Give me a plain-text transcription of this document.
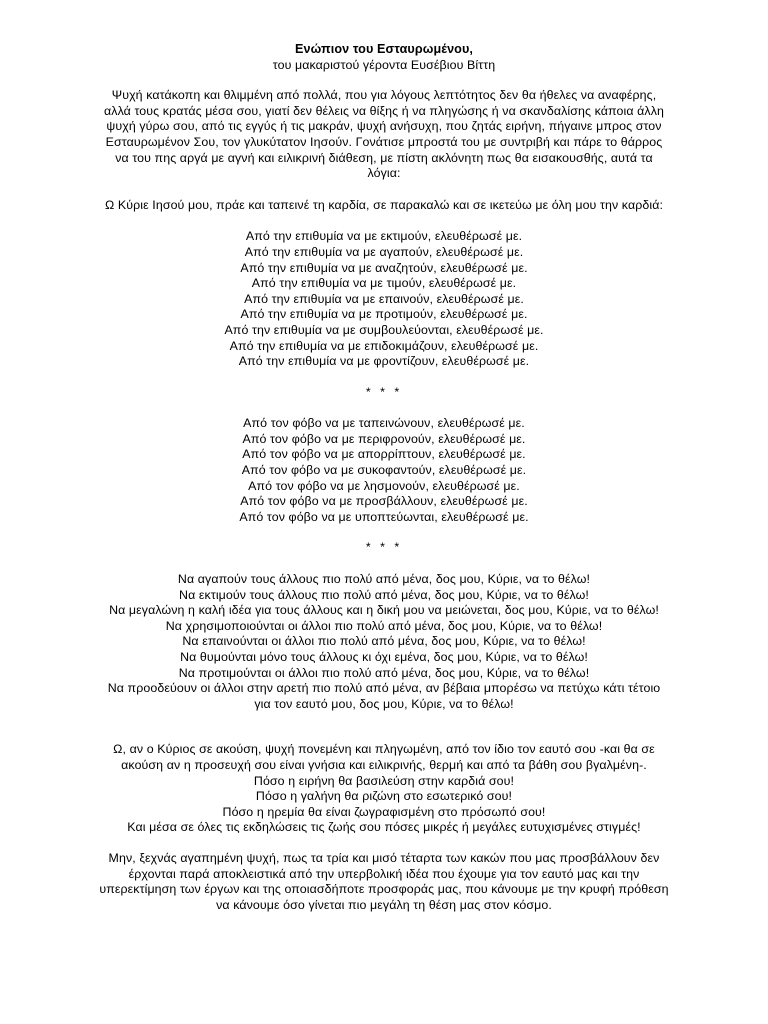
Ενώπιον του Εσταυρωμένου,
του μακαριστού γέροντα Ευσέβιου Βίττη
Ψυχή κατάκοπη και θλιμμένη από πολλά, που για λόγους λεπτότητος δεν θα ήθελες να αναφέρης,
αλλά τους κρατάς μέσα σου, γιατί δεν θέλεις να θίξης ή να πληγώσης ή να σκανδαλίσης κάποια άλλη
ψυχή γύρω σου, από τις εγγύς ή τις μακράν, ψυχή ανήσυχη, που ζητάς ειρήνη, πήγαινε μπρος στον
Εσταυρωμένον Σου, τον γλυκύτατον Ιησούν. Γονάτισε μπροστά του με συντριβή και πάρε το θάρρος
να του πης αργά με αγνή και ειλικρινή διάθεση, με πίστη ακλόνητη πως θα εισακουσθής, αυτά τα
λόγια:
Ω Κύριε Ιησού μου, πράε και ταπεινέ τη καρδία, σε παρακαλώ και σε ικετεύω με όλη μου την καρδιά:
Από την επιθυμία να με εκτιμούν, ελευθέρωσέ με.
Από την επιθυμία να με αγαπούν, ελευθέρωσέ με.
Από την επιθυμία να με αναζητούν, ελευθέρωσέ με.
Από την επιθυμία να με τιμούν, ελευθέρωσέ με.
Από την επιθυμία να με επαινούν, ελευθέρωσέ με.
Από την επιθυμία να με προτιμούν, ελευθέρωσέ με.
Από την επιθυμία να με συμβουλεύονται, ελευθέρωσέ με.
Από την επιθυμία να με επιδοκιμάζουν, ελευθέρωσέ με.
Από την επιθυμία να με φροντίζουν, ελευθέρωσέ με.
* * *
Από τον φόβο να με ταπεινώνουν, ελευθέρωσέ με.
Από τον φόβο να με περιφρονούν, ελευθέρωσέ με.
Από τον φόβο να με απορρίπτουν, ελευθέρωσέ με.
Από τον φόβο να με συκοφαντούν, ελευθέρωσέ με.
Από τον φόβο να με λησμονούν, ελευθέρωσέ με.
Από τον φόβο να με προσβάλλουν, ελευθέρωσέ με.
Από τον φόβο να με υποπτεύωνται, ελευθέρωσέ με.
* * *
Να αγαπούν τους άλλους πιο πολύ από μένα, δος μου, Κύριε, να το θέλω!
Να εκτιμούν τους άλλους πιο πολύ από μένα, δος μου, Κύριε, να το θέλω!
Να μεγαλώνη η καλή ιδέα για τους άλλους και η δική μου να μειώνεται, δος μου, Κύριε, να το θέλω!
Να χρησιμοποιούνται οι άλλοι πιο πολύ από μένα, δος μου, Κύριε, να το θέλω!
Να επαινούνται οι άλλοι πιο πολύ από μένα, δος μου, Κύριε, να το θέλω!
Να θυμούνται μόνο τους άλλους κι όχι εμένα, δος μου, Κύριε, να το θέλω!
Να προτιμούνται οι άλλοι πιο πολύ από μένα, δος μου, Κύριε, να το θέλω!
Να προοδεύουν οι άλλοι στην αρετή πιο πολύ από μένα, αν βέβαια μπορέσω να πετύχω κάτι τέτοιο
για τον εαυτό μου, δος μου, Κύριε, να το θέλω!
Ω, αν ο Κύριος σε ακούση, ψυχή πονεμένη και πληγωμένη, από τον ίδιο τον εαυτό σου -και θα σε
ακούση αν η προσευχή σου είναι γνήσια και ειλικρινής, θερμή και από τα βάθη σου βγαλμένη-.
Πόσο η ειρήνη θα βασιλεύση στην καρδιά σου!
Πόσο η γαλήνη θα ριζώνη στο εσωτερικό σου!
Πόσο η ηρεμία θα είναι ζωγραφισμένη στο πρόσωπό σου!
Και μέσα σε όλες τις εκδηλώσεις τις ζωής σου πόσες μικρές ή μεγάλες ευτυχισμένες στιγμές!
Μην, ξεχνάς αγαπημένη ψυχή, πως τα τρία και μισό τέταρτα των κακών που μας προσβάλλουν δεν
έρχονται παρά αποκλειστικά από την υπερβολική ιδέα που έχουμε για τον εαυτό μας και την
υπερεκτίμηση των έργων και της οποιασδήποτε προσφοράς μας, που κάνουμε με την κρυφή πρόθεση
να κάνουμε όσο γίνεται πιο μεγάλη τη θέση μας στον κόσμο.
